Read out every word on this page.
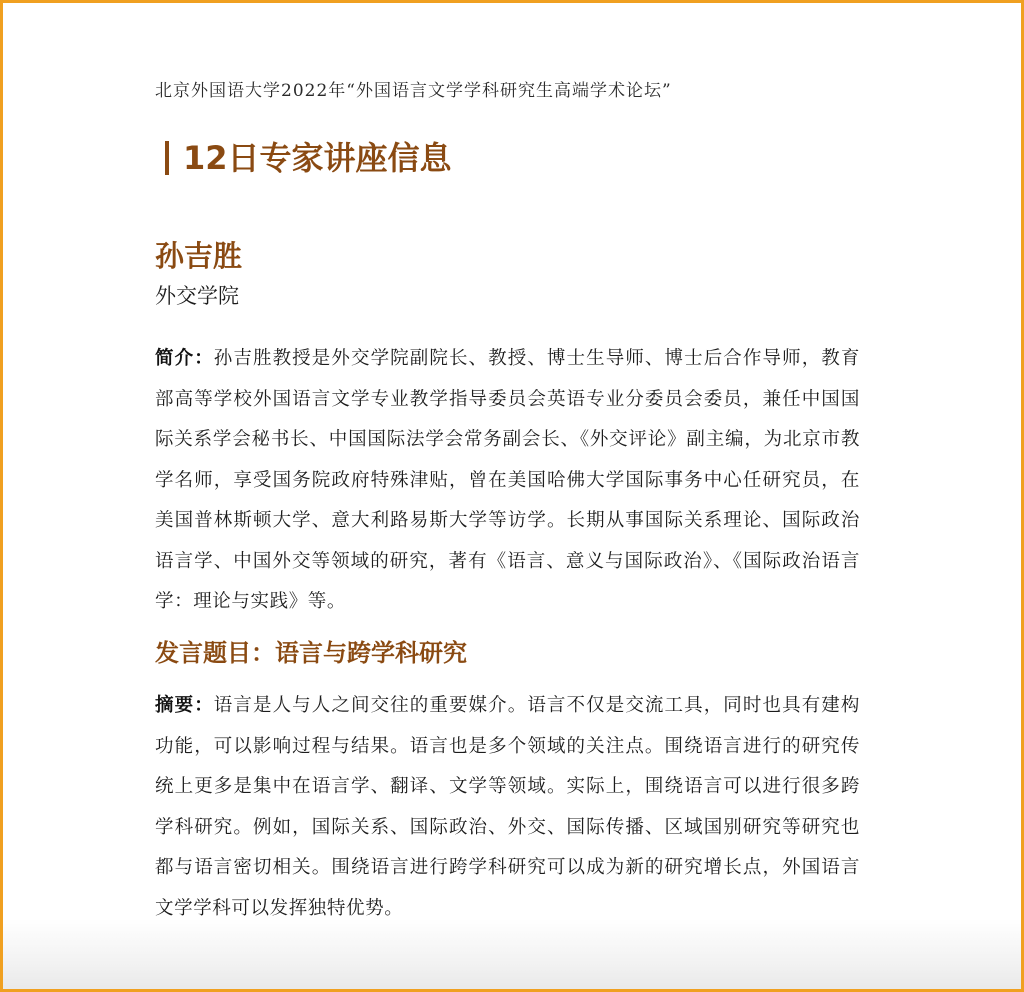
北京外国语大学2022年“外国语言文学学科研究生高端学术论坛”
12日专家讲座信息
孙吉胜
外交学院

简介：孙吉胜教授是外交学院副院长、教授、博士生导师、博士后合作导师，教育部高等学校外国语言文学专业教学指导委员会英语专业分委员会委员，兼任中国国际关系学会秘书长、中国国际法学会常务副会长、《外交评论》副主编，为北京市教学名师，享受国务院政府特殊津贴，曾在美国哈佛大学国际事务中心任研究员，在美国普林斯顿大学、意大利路易斯大学等访学。长期从事国际关系理论、国际政治语言学、中国外交等领域的研究，著有《语言、意义与国际政治》、《国际政治语言学：理论与实践》等。

发言题目：语言与跨学科研究

摘要：语言是人与人之间交往的重要媒介。语言不仅是交流工具，同时也具有建构功能，可以影响过程与结果。语言也是多个领域的关注点。围绕语言进行的研究传统上更多是集中在语言学、翻译、文学等领域。实际上，围绕语言可以进行很多跨学科研究。例如，国际关系、国际政治、外交、国际传播、区域国别研究等研究也都与语言密切相关。围绕语言进行跨学科研究可以成为新的研究增长点，外国语言文学学科可以发挥独特优势。
